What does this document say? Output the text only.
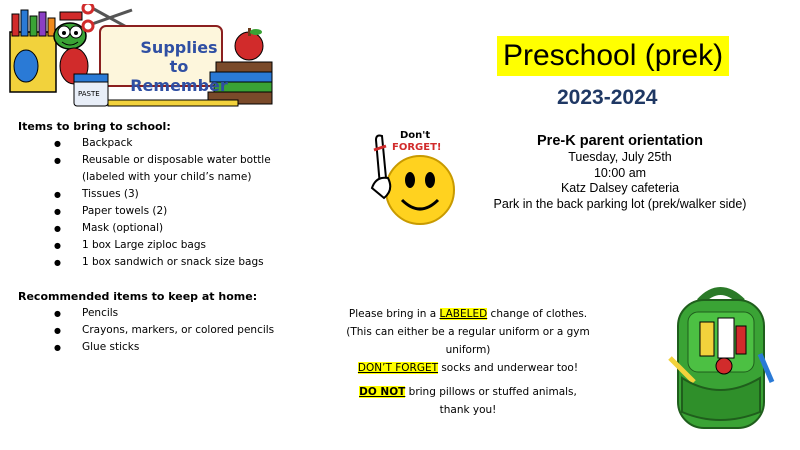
Supplies
to Remember
PASTE
Preschool (prek)
2023-2024
Pre-K parent orientation
Tuesday, July 25th
10:00 am
Katz Dalsey cafeteria
Park in the back parking lot (prek/walker side)
Don't
FORGET!

Items to bring to school:

● Backpack
● Reusable or disposable water bottle
(labeled with your child’s name)
● Tissues (3)
● Paper towels (2)
● Mask (optional)
● 1 box Large ziploc bags
● 1 box sandwich or snack size bags

Recommended items to keep at home:

● Pencils
● Crayons, markers, or colored pencils
● Glue sticks
Please bring in a LABELED change of clothes. (This can either be a regular uniform or a gym uniform)
DON’T FORGET socks and underwear too!
DO NOT bring pillows or stuffed animals,
thank you!
